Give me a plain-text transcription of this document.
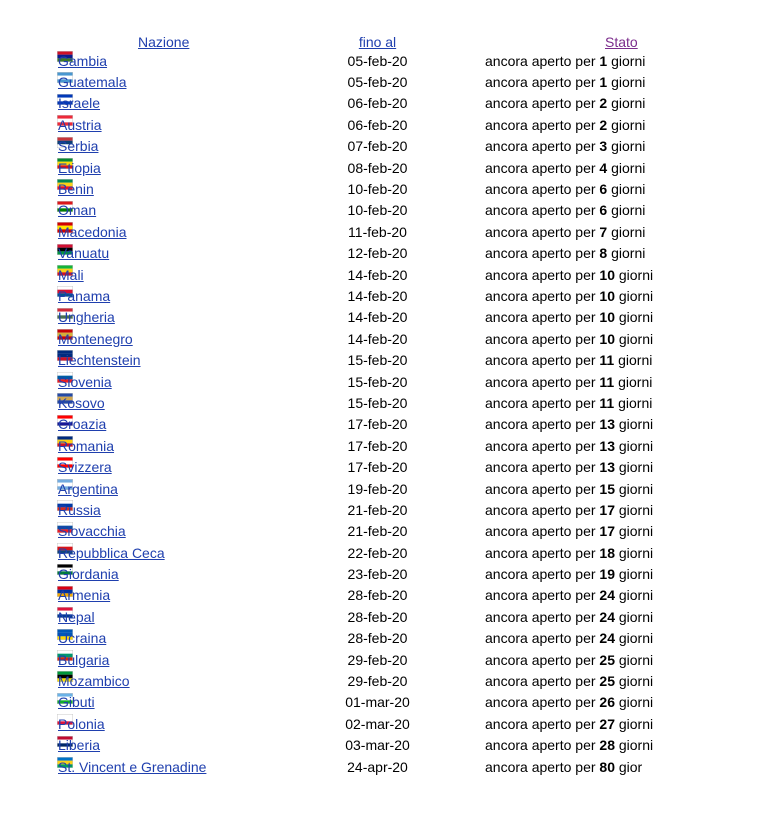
Nazione	fino al	Stato

Gambia	05-feb-20	ancora aperto per 1 giorni

Guatemala	05-feb-20	ancora aperto per 1 giorni

Israele	06-feb-20	ancora aperto per 2 giorni

Austria	06-feb-20	ancora aperto per 2 giorni

Serbia	07-feb-20	ancora aperto per 3 giorni

Etiopia	08-feb-20	ancora aperto per 4 giorni

Benin	10-feb-20	ancora aperto per 6 giorni

Oman	10-feb-20	ancora aperto per 6 giorni

Macedonia	11-feb-20	ancora aperto per 7 giorni

Vanuatu	12-feb-20	ancora aperto per 8 giorni

Mali	14-feb-20	ancora aperto per 10 giorni

Panama	14-feb-20	ancora aperto per 10 giorni

Ungheria	14-feb-20	ancora aperto per 10 giorni

Montenegro	14-feb-20	ancora aperto per 10 giorni

Liechtenstein	15-feb-20	ancora aperto per 11 giorni

Slovenia	15-feb-20	ancora aperto per 11 giorni

Kosovo	15-feb-20	ancora aperto per 11 giorni

Croazia	17-feb-20	ancora aperto per 13 giorni

Romania	17-feb-20	ancora aperto per 13 giorni

Svizzera	17-feb-20	ancora aperto per 13 giorni

Argentina	19-feb-20	ancora aperto per 15 giorni

Russia	21-feb-20	ancora aperto per 17 giorni

Slovacchia	21-feb-20	ancora aperto per 17 giorni

Repubblica Ceca	22-feb-20	ancora aperto per 18 giorni

Giordania	23-feb-20	ancora aperto per 19 giorni

Armenia	28-feb-20	ancora aperto per 24 giorni

Nepal	28-feb-20	ancora aperto per 24 giorni

Ucraina	28-feb-20	ancora aperto per 24 giorni

Bulgaria	29-feb-20	ancora aperto per 25 giorni

Mozambico	29-feb-20	ancora aperto per 25 giorni

Gibuti	01-mar-20	ancora aperto per 26 giorni

Polonia	02-mar-20	ancora aperto per 27 giorni

Liberia	03-mar-20	ancora aperto per 28 giorni

St. Vincent e Grenadine	24-apr-20	ancora aperto per 80 gior
